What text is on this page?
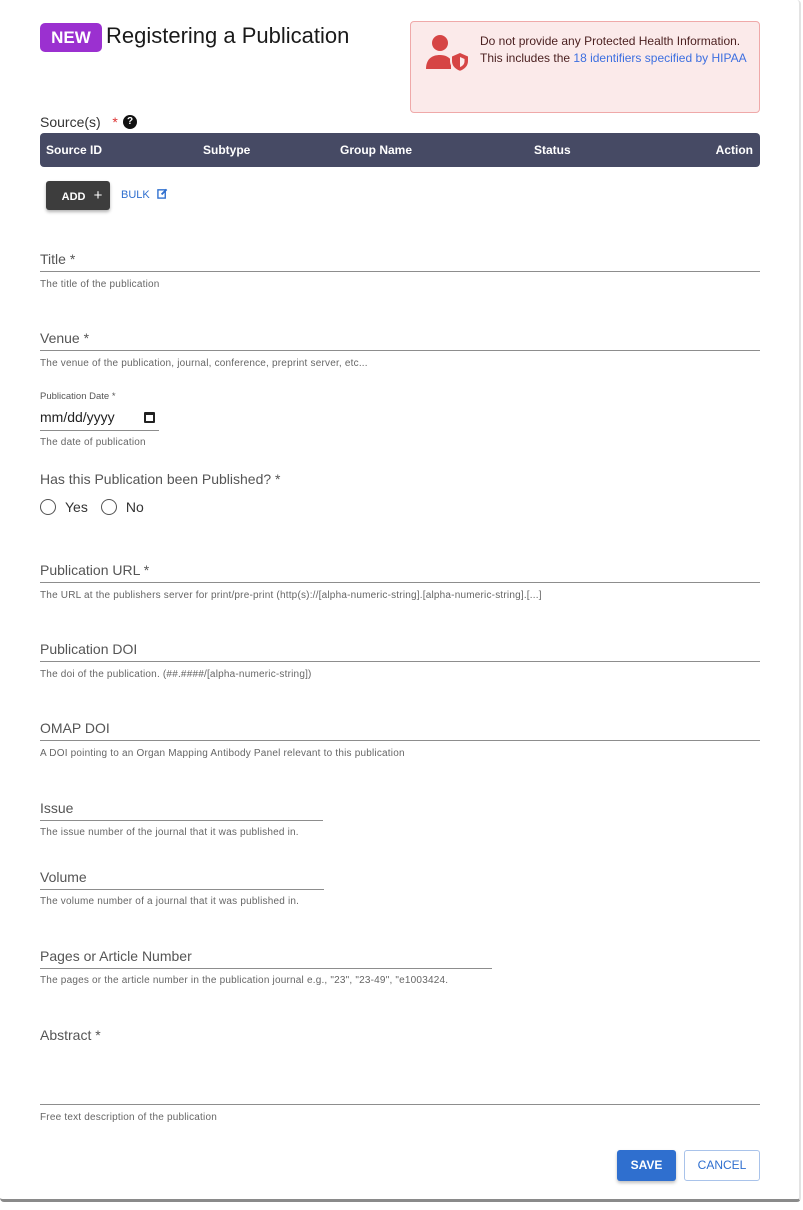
NEW Registering a Publication	Do not provide any Protected Health Information.
This includes the 18 identifiers specified by HIPAA
Source(s) * ?
Source ID	Subtype	Group Name	Status	Action
ADD +	BULK
Title *
The title of the publication
Venue *
The venue of the publication, journal, conference, preprint server, etc...
Publication Date *
mm/dd/yyyy
The date of publication
Has this Publication been Published? *
Yes	No
Publication URL *
The URL at the publishers server for print/pre-print (http(s)://[alpha-numeric-string].[alpha-numeric-string].[...]
Publication DOI
The doi of the publication. (##.####/[alpha-numeric-string])
OMAP DOI
A DOI pointing to an Organ Mapping Antibody Panel relevant to this publication
Issue
The issue number of the journal that it was published in.
Volume
The volume number of a journal that it was published in.
Pages or Article Number
The pages or the article number in the publication journal e.g., "23", "23-49", "e1003424.
Abstract *
Free text description of the publication
SAVE	CANCEL
